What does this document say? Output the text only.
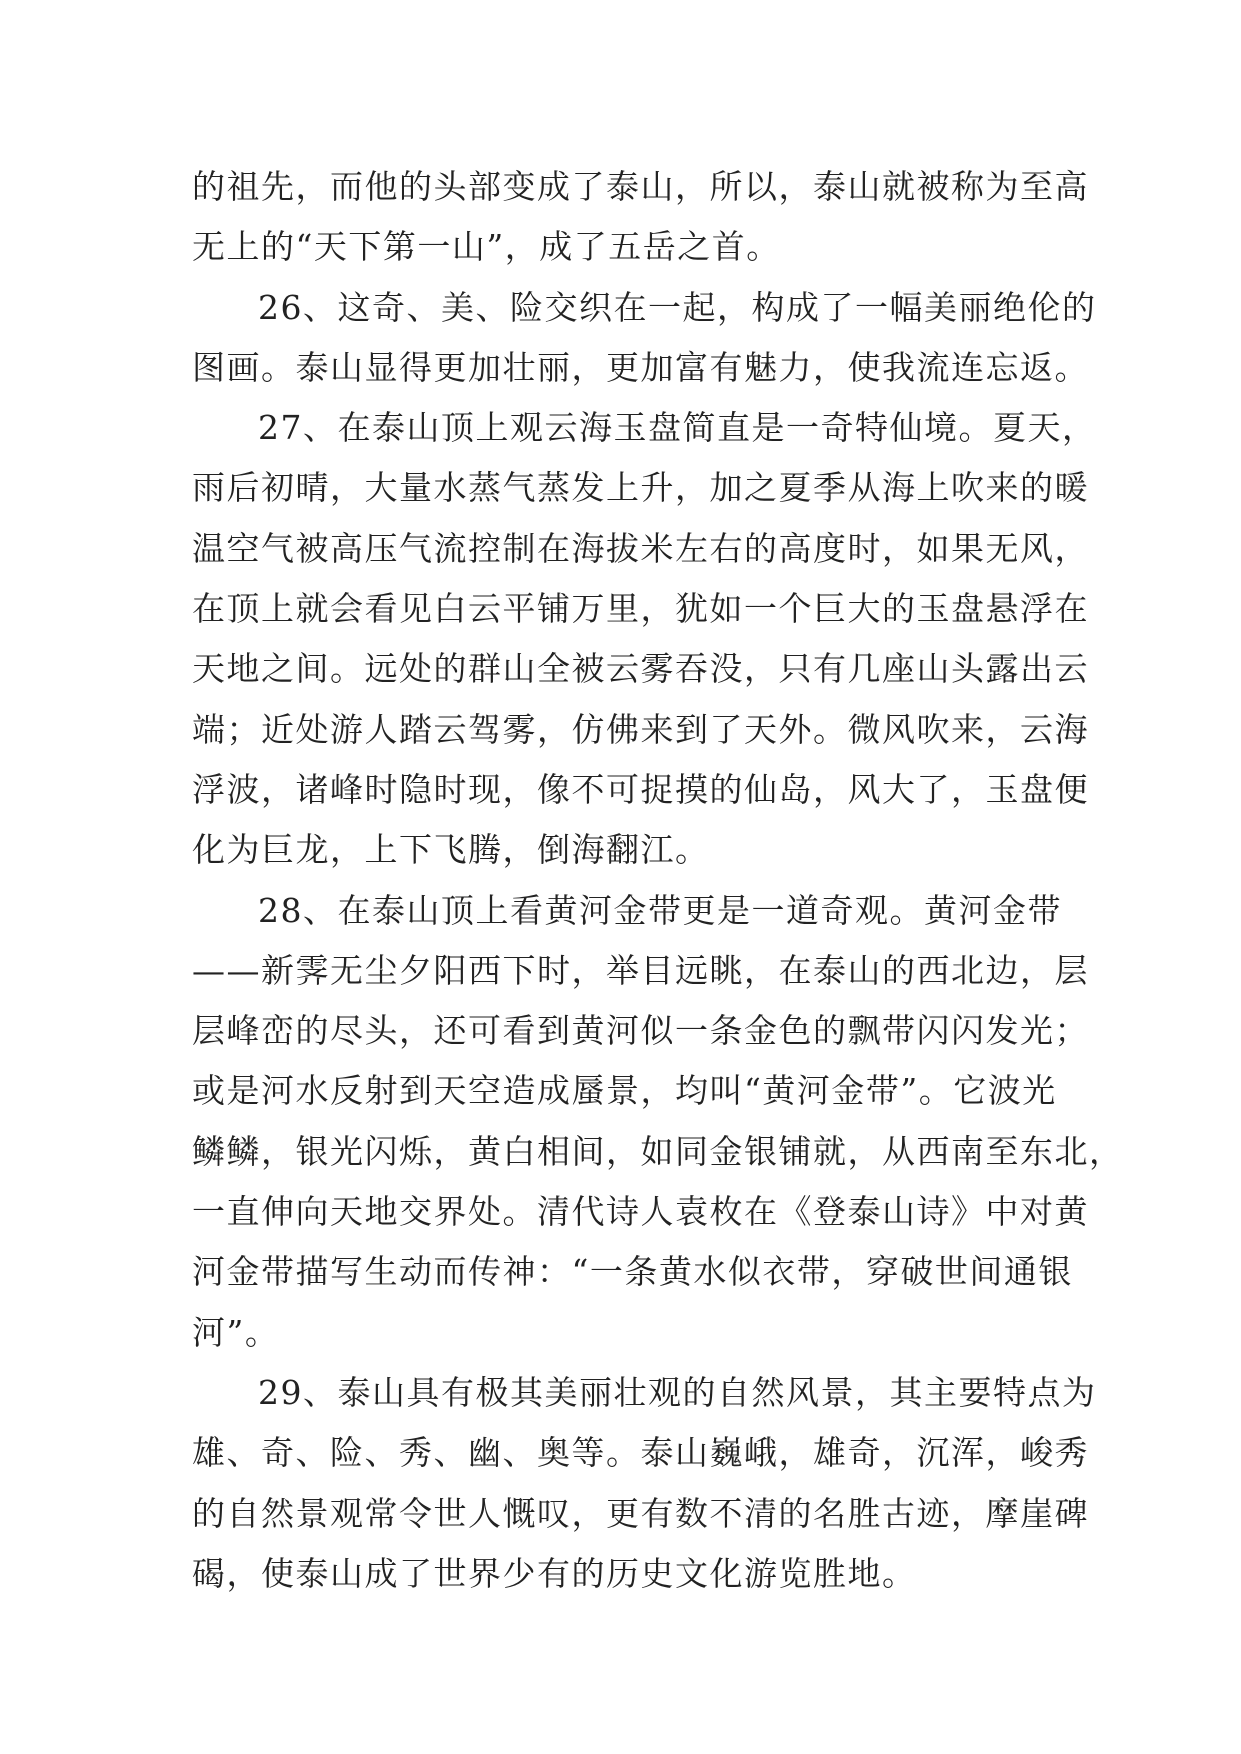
的祖先，而他的头部变成了泰山，所以，泰山就被称为至高
无上的“天下第一山”，成了五岳之首。
26、这奇、美、险交织在一起，构成了一幅美丽绝伦的
图画。泰山显得更加壮丽，更加富有魅力，使我流连忘返。
27、在泰山顶上观云海玉盘简直是一奇特仙境。夏天，
雨后初晴，大量水蒸气蒸发上升，加之夏季从海上吹来的暖
温空气被高压气流控制在海拔米左右的高度时，如果无风，
在顶上就会看见白云平铺万里，犹如一个巨大的玉盘悬浮在
天地之间。远处的群山全被云雾吞没，只有几座山头露出云
端；近处游人踏云驾雾，仿佛来到了天外。微风吹来，云海
浮波，诸峰时隐时现，像不可捉摸的仙岛，风大了，玉盘便
化为巨龙，上下飞腾，倒海翻江。
28、在泰山顶上看黄河金带更是一道奇观。黄河金带
——新霁无尘夕阳西下时，举目远眺，在泰山的西北边，层
层峰峦的尽头，还可看到黄河似一条金色的飘带闪闪发光；
或是河水反射到天空造成蜃景，均叫“黄河金带”。它波光
鳞鳞，银光闪烁，黄白相间，如同金银铺就，从西南至东北，
一直伸向天地交界处。清代诗人袁枚在《登泰山诗》中对黄
河金带描写生动而传神：“一条黄水似衣带，穿破世间通银
河”。
29、泰山具有极其美丽壮观的自然风景，其主要特点为
雄、奇、险、秀、幽、奥等。泰山巍峨，雄奇，沉浑，峻秀
的自然景观常令世人慨叹，更有数不清的名胜古迹，摩崖碑
碣，使泰山成了世界少有的历史文化游览胜地。
